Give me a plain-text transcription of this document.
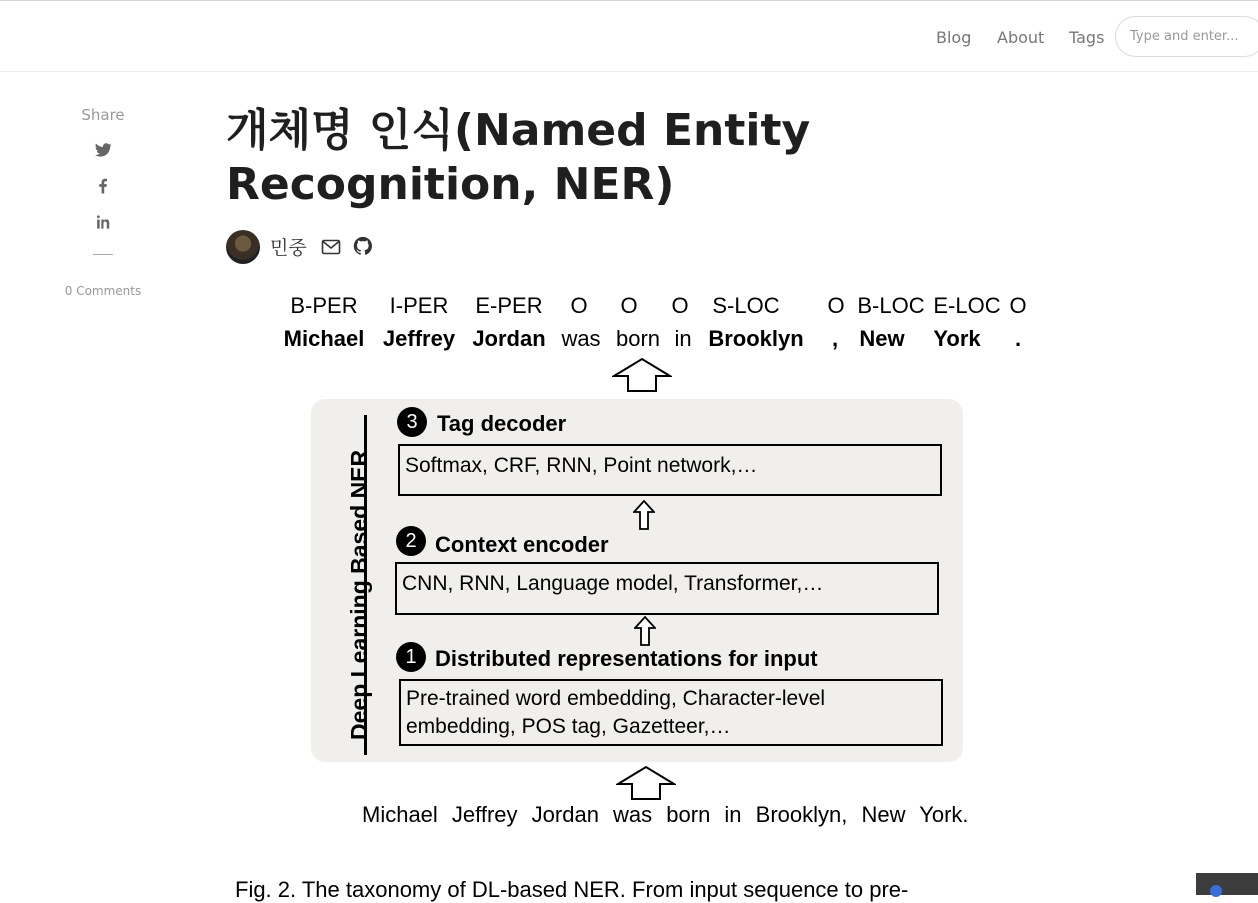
Blog About Tags
Type and enter...
Share
0 Comments
개체명 인식(Named Entity Recognition, NER)
민중
B-PER I-PER E-PER O O O S-LOC O B-LOC E-LOC O
Michael Jeffrey Jordan was born in Brooklyn , New York .
Deep Learning Based NER
3 Tag decoder
Softmax, CRF, RNN, Point network,…
2 Context encoder
CNN, RNN, Language model, Transformer,…
1 Distributed representations for input
Pre-trained word embedding, Character-level
embedding, POS tag, Gazetteer,…
Michael Jeffrey Jordan was born in Brooklyn, New York.
Fig. 2. The taxonomy of DL-based NER. From input sequence to pre-
